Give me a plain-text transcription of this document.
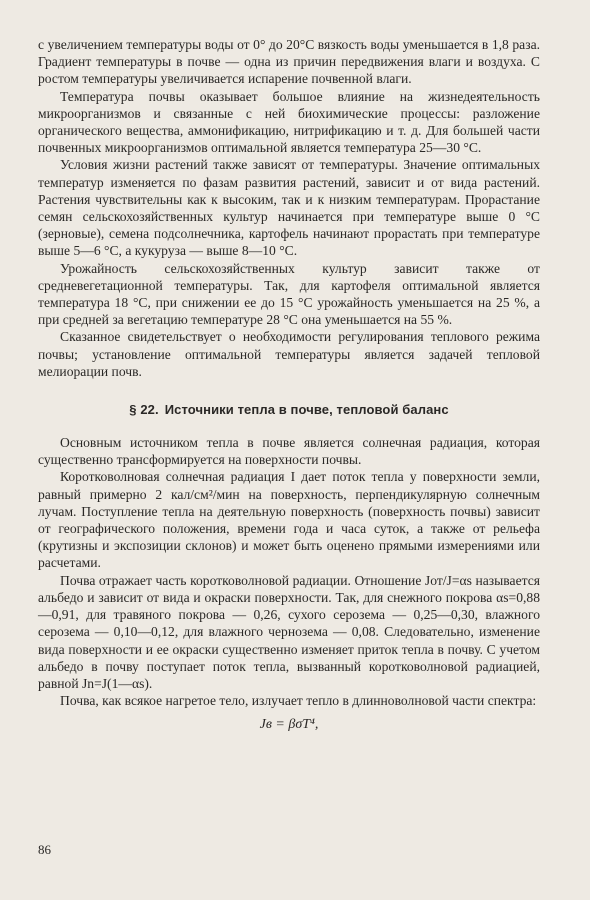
с увеличением температуры воды от 0° до 20°С вязкость воды уменьшается в 1,8 раза. Градиент температуры в почве — одна из причин передвижения влаги и воздуха. С ростом температуры увеличивается испарение почвенной влаги.

Температура почвы оказывает большое влияние на жизнедеятельность микроорганизмов и связанные с ней биохимические процессы: разложение органического вещества, аммонификацию, нитрификацию и т. д. Для большей части почвенных микроорганизмов оптимальной является температура 25—30 °С.

Условия жизни растений также зависят от температуры. Значение оптимальных температур изменяется по фазам развития растений, зависит и от вида растений. Растения чувствительны как к высоким, так и к низким температурам. Прорастание семян сельскохозяйственных культур начинается при температуре выше 0 °С (зерновые), семена подсолнечника, картофель начинают прорастать при температуре выше 5—6 °С, а кукуруза — выше 8—10 °С.

Урожайность сельскохозяйственных культур зависит также от средневегетационной температуры. Так, для картофеля оптимальной является температура 18 °С, при снижении ее до 15 °С урожайность уменьшается на 25 %, а при средней за вегетацию температуре 28 °С она уменьшается на 55 %.

Сказанное свидетельствует о необходимости регулирования теплового режима почвы; установление оптимальной температуры является задачей тепловой мелиорации почв.

§ 22. Источники тепла в почве, тепловой баланс

Основным источником тепла в почве является солнечная радиация, которая существенно трансформируется на поверхности почвы.

Коротковолновая солнечная радиация I дает поток тепла у поверхности земли, равный примерно 2 кал/см²/мин на поверхность, перпендикулярную солнечным лучам. Поступление тепла на деятельную поверхность (поверхность почвы) зависит от географического положения, времени года и часа суток, а также от рельефа (крутизны и экспозиции склонов) и может быть оценено прямыми измерениями или расчетами.

Почва отражает часть коротковолновой радиации. Отношение Jот/J=αs называется альбедо и зависит от вида и окраски поверхности. Так, для снежного покрова αs=0,88—0,91, для травяного покрова — 0,26, сухого серозема — 0,25—0,30, влажного серозема — 0,10—0,12, для влажного чернозема — 0,08. Следовательно, изменение вида поверхности и ее окраски существенно изменяет приток тепла в почву. С учетом альбедо в почву поступает поток тепла, вызванный коротковолновой радиацией, равной Jn=J(1—αs).

Почва, как всякое нагретое тело, излучает тепло в длинноволновой части спектра:

Jв = βσT⁴,
86
